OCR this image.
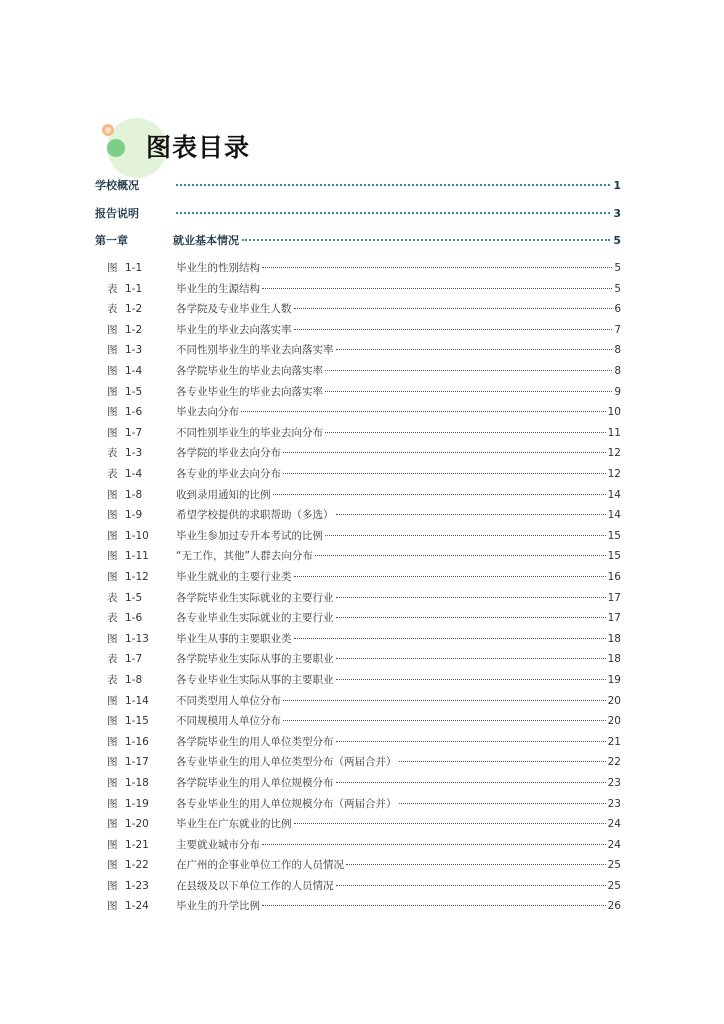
图表目录
学校概况	1
报告说明	3
第一章	就业基本情况	5
图 1-1	毕业生的性别结构	5
表 1-1	毕业生的生源结构	5
表 1-2	各学院及专业毕业生人数	6
图 1-2	毕业生的毕业去向落实率	7
图 1-3	不同性别毕业生的毕业去向落实率	8
图 1-4	各学院毕业生的毕业去向落实率	8
图 1-5	各专业毕业生的毕业去向落实率	9
图 1-6	毕业去向分布	10
图 1-7	不同性别毕业生的毕业去向分布	11
表 1-3	各学院的毕业去向分布	12
表 1-4	各专业的毕业去向分布	12
图 1-8	收到录用通知的比例	14
图 1-9	希望学校提供的求职帮助（多选）	14
图 1-10	毕业生参加过专升本考试的比例	15
图 1-11	“无工作，其他”人群去向分布	15
图 1-12	毕业生就业的主要行业类	16
表 1-5	各学院毕业生实际就业的主要行业	17
表 1-6	各专业毕业生实际就业的主要行业	17
图 1-13	毕业生从事的主要职业类	18
表 1-7	各学院毕业生实际从事的主要职业	18
表 1-8	各专业毕业生实际从事的主要职业	19
图 1-14	不同类型用人单位分布	20
图 1-15	不同规模用人单位分布	20
图 1-16	各学院毕业生的用人单位类型分布	21
图 1-17	各专业毕业生的用人单位类型分布（两届合并）	22
图 1-18	各学院毕业生的用人单位规模分布	23
图 1-19	各专业毕业生的用人单位规模分布（两届合并）	23
图 1-20	毕业生在广东就业的比例	24
图 1-21	主要就业城市分布	24
图 1-22	在广州的企事业单位工作的人员情况	25
图 1-23	在县级及以下单位工作的人员情况	25
图 1-24	毕业生的升学比例	26
